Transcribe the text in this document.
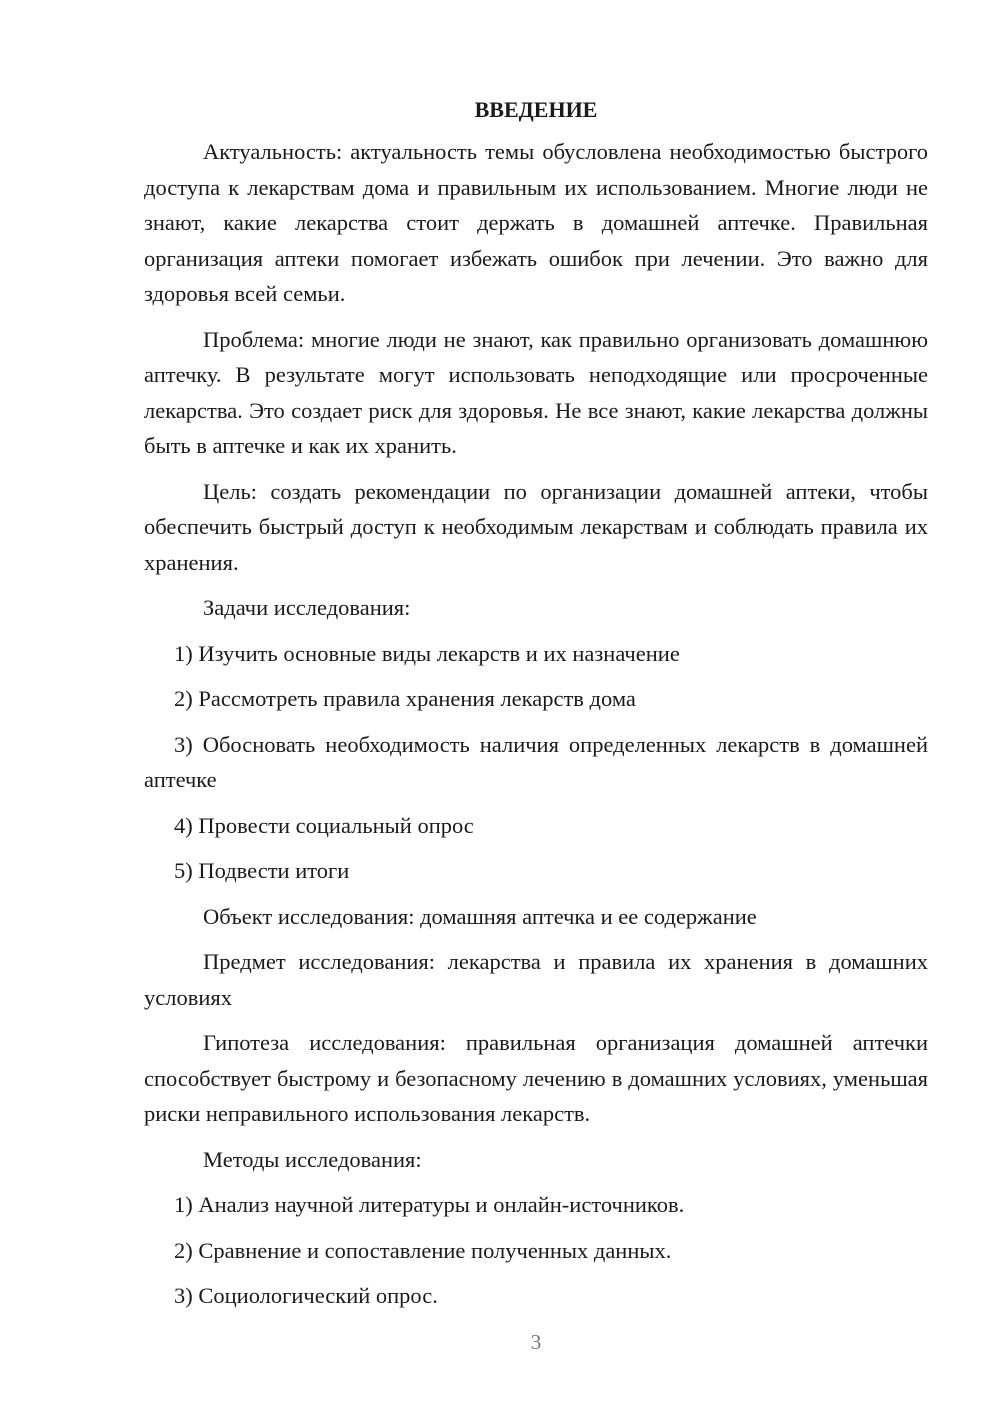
ВВЕДЕНИЕ

Актуальность: актуальность темы обусловлена необходимостью быстрого доступа к лекарствам дома и правильным их использованием. Многие люди не знают, какие лекарства стоит держать в домашней аптечке. Правильная организация аптеки помогает избежать ошибок при лечении. Это важно для здоровья всей семьи.

Проблема: многие люди не знают, как правильно организовать домашнюю аптечку. В результате могут использовать неподходящие или просроченные лекарства. Это создает риск для здоровья. Не все знают, какие лекарства должны быть в аптечке и как их хранить.

Цель: создать рекомендации по организации домашней аптеки, чтобы обеспечить быстрый доступ к необходимым лекарствам и соблюдать правила их хранения.

Задачи исследования:

1) Изучить основные виды лекарств и их назначение

2) Рассмотреть правила хранения лекарств дома

3) Обосновать необходимость наличия определенных лекарств в домашней аптечке

4) Провести социальный опрос

5) Подвести итоги

Объект исследования: домашняя аптечка и ее содержание

Предмет исследования: лекарства и правила их хранения в домашних условиях

Гипотеза исследования: правильная организация домашней аптечки способствует быстрому и безопасному лечению в домашних условиях, уменьшая риски неправильного использования лекарств.

Методы исследования:

1) Анализ научной литературы и онлайн-источников.

2) Сравнение и сопоставление полученных данных.

3) Социологический опрос.

3
